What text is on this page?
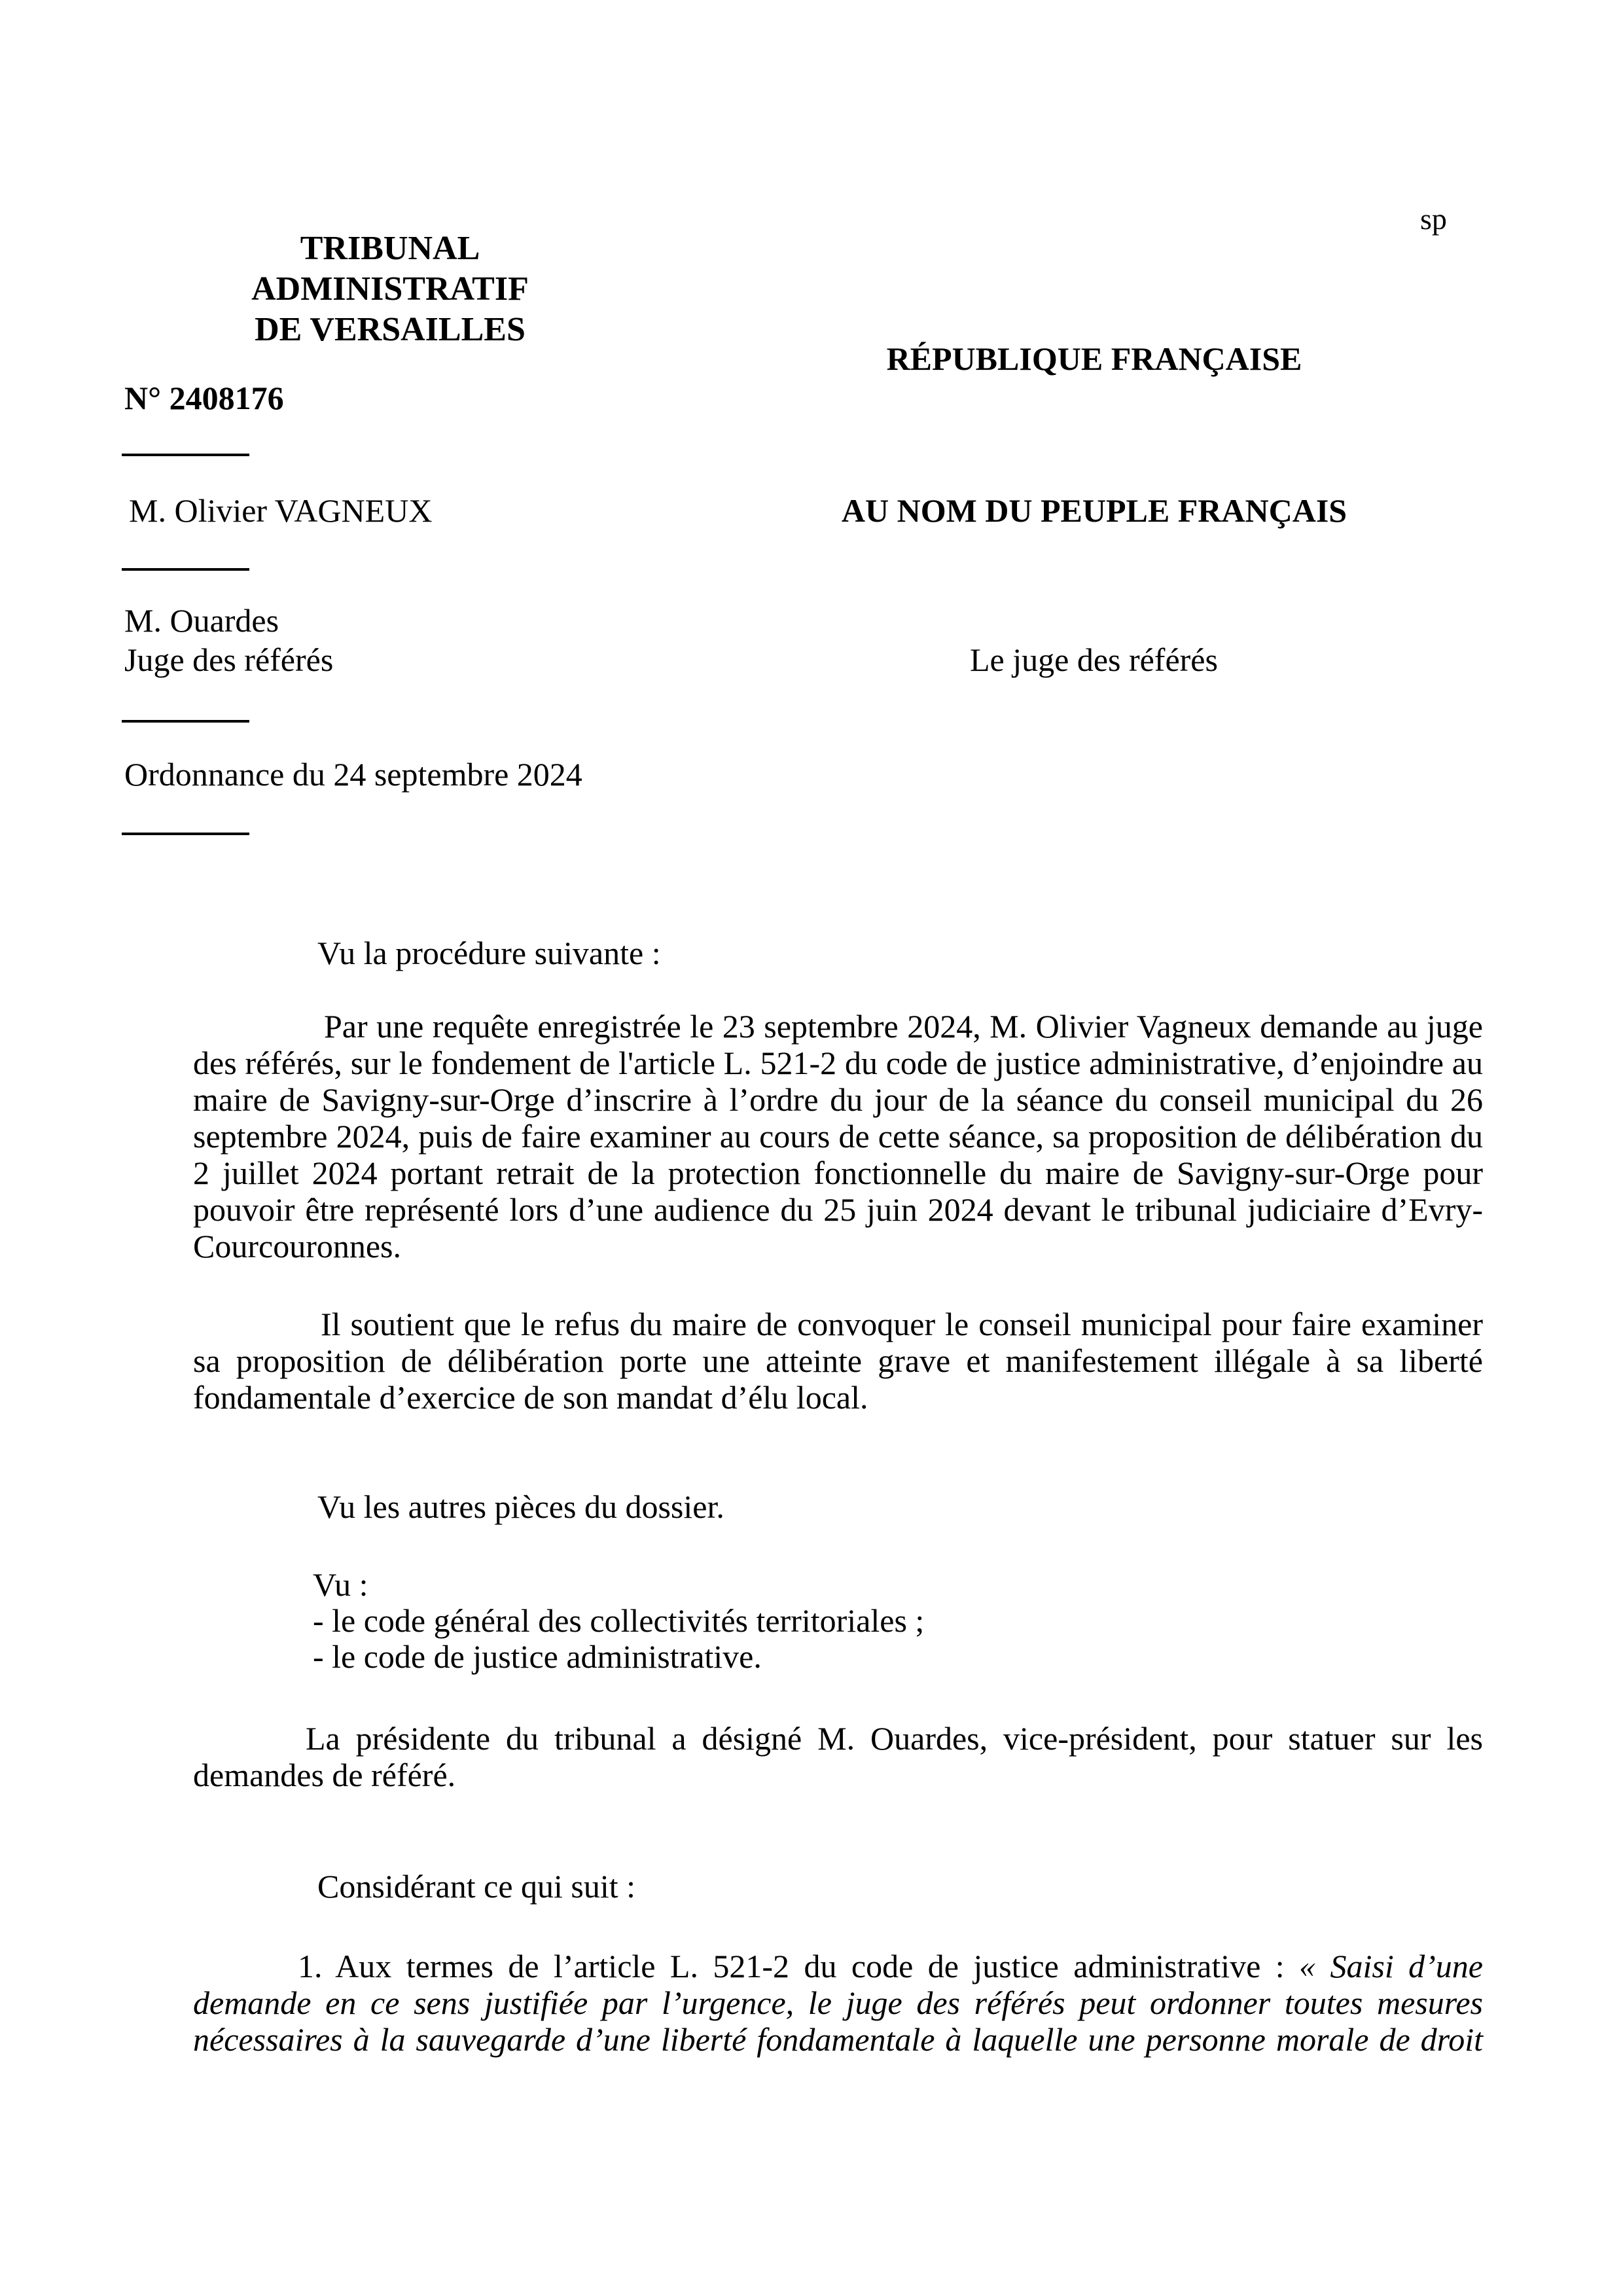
sp
TRIBUNAL ADMINISTRATIF
DE VERSAILLES
RÉPUBLIQUE FRANÇAISE
N° 2408176
M. Olivier VAGNEUX	AU NOM DU PEUPLE FRANÇAIS
M. Ouardes
Juge des référés	Le juge des référés
Ordonnance du 24 septembre 2024
Vu la procédure suivante :
Par une requête enregistrée le 23 septembre 2024, M. Olivier Vagneux demande au juge des référés, sur le fondement de l'article L. 521-2 du code de justice administrative, d’enjoindre au maire de Savigny-sur-Orge d’inscrire à l’ordre du jour de la séance du conseil municipal du 26 septembre 2024, puis de faire examiner au cours de cette séance, sa proposition de délibération du 2 juillet 2024 portant retrait de la protection fonctionnelle du maire de Savigny-sur-Orge pour pouvoir être représenté lors d’une audience du 25 juin 2024 devant le tribunal judiciaire d’Evry-Courcouronnes.
Il soutient que le refus du maire de convoquer le conseil municipal pour faire examiner sa proposition de délibération porte une atteinte grave et manifestement illégale à sa liberté fondamentale d’exercice de son mandat d’élu local.
Vu les autres pièces du dossier.
Vu :
- le code général des collectivités territoriales ;
- le code de justice administrative.
La présidente du tribunal a désigné M. Ouardes, vice-président, pour statuer sur les demandes de référé.
Considérant ce qui suit :
1. Aux termes de l’article L. 521-2 du code de justice administrative : « Saisi d’une demande en ce sens justifiée par l’urgence, le juge des référés peut ordonner toutes mesures nécessaires à la sauvegarde d’une liberté fondamentale à laquelle une personne morale de droit
